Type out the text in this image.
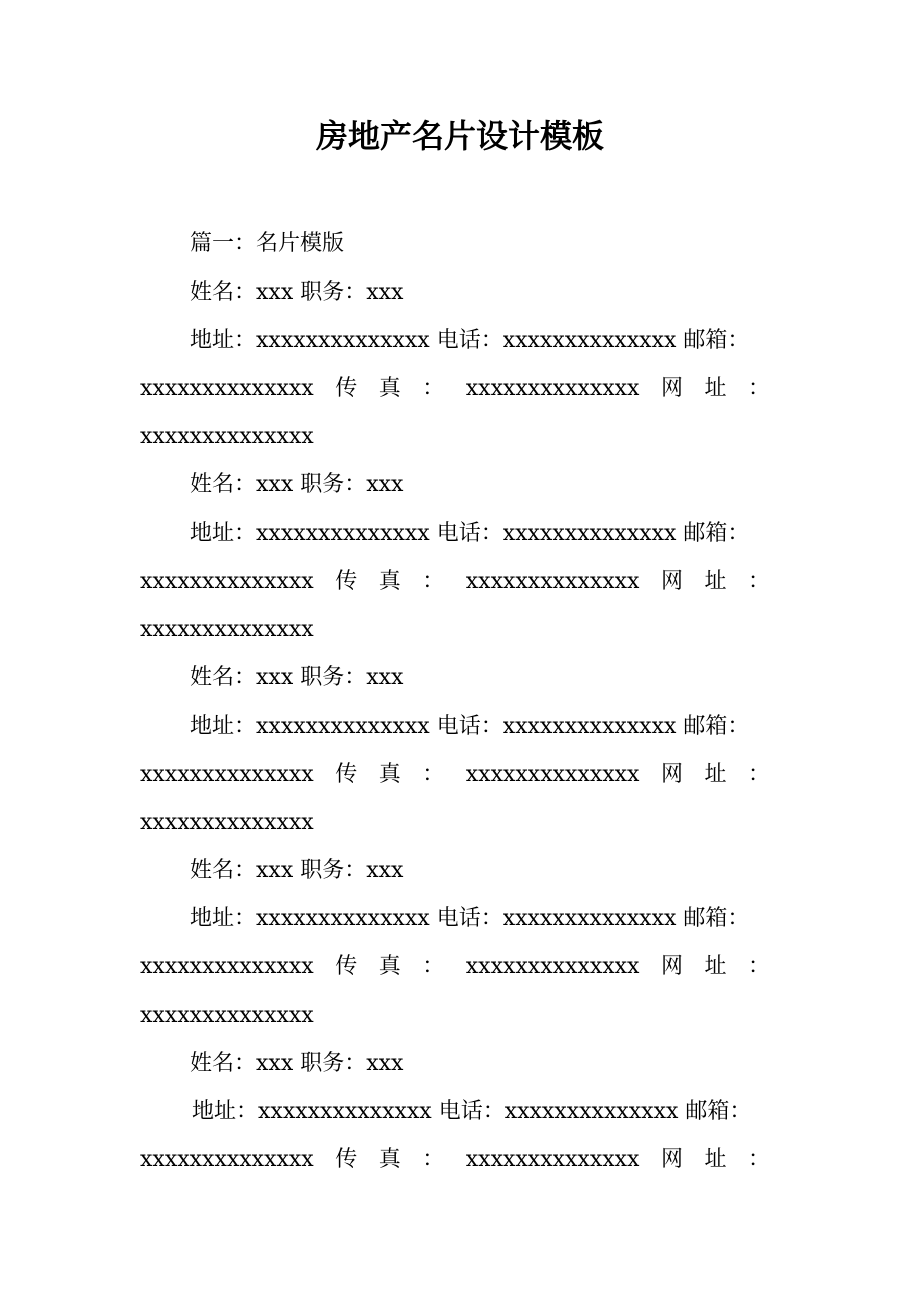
房地产名片设计模板
篇一：名片模版
姓名：xxx 职务：xxx
地址：xxxxxxxxxxxxxx 电话：xxxxxxxxxxxxxx 邮箱：
xxxxxxxxxxxxxx 传 真 ： xxxxxxxxxxxxxx 网 址 ：
xxxxxxxxxxxxxx
姓名：xxx 职务：xxx
地址：xxxxxxxxxxxxxx 电话：xxxxxxxxxxxxxx 邮箱：
xxxxxxxxxxxxxx 传 真 ： xxxxxxxxxxxxxx 网 址 ：
xxxxxxxxxxxxxx
姓名：xxx 职务：xxx
地址：xxxxxxxxxxxxxx 电话：xxxxxxxxxxxxxx 邮箱：
xxxxxxxxxxxxxx 传 真 ： xxxxxxxxxxxxxx 网 址 ：
xxxxxxxxxxxxxx
姓名：xxx 职务：xxx
地址：xxxxxxxxxxxxxx 电话：xxxxxxxxxxxxxx 邮箱：
xxxxxxxxxxxxxx 传 真 ： xxxxxxxxxxxxxx 网 址 ：
xxxxxxxxxxxxxx
姓名：xxx 职务：xxx
地址：xxxxxxxxxxxxxx 电话：xxxxxxxxxxxxxx 邮箱：
xxxxxxxxxxxxxx 传 真 ： xxxxxxxxxxxxxx 网 址 ：
